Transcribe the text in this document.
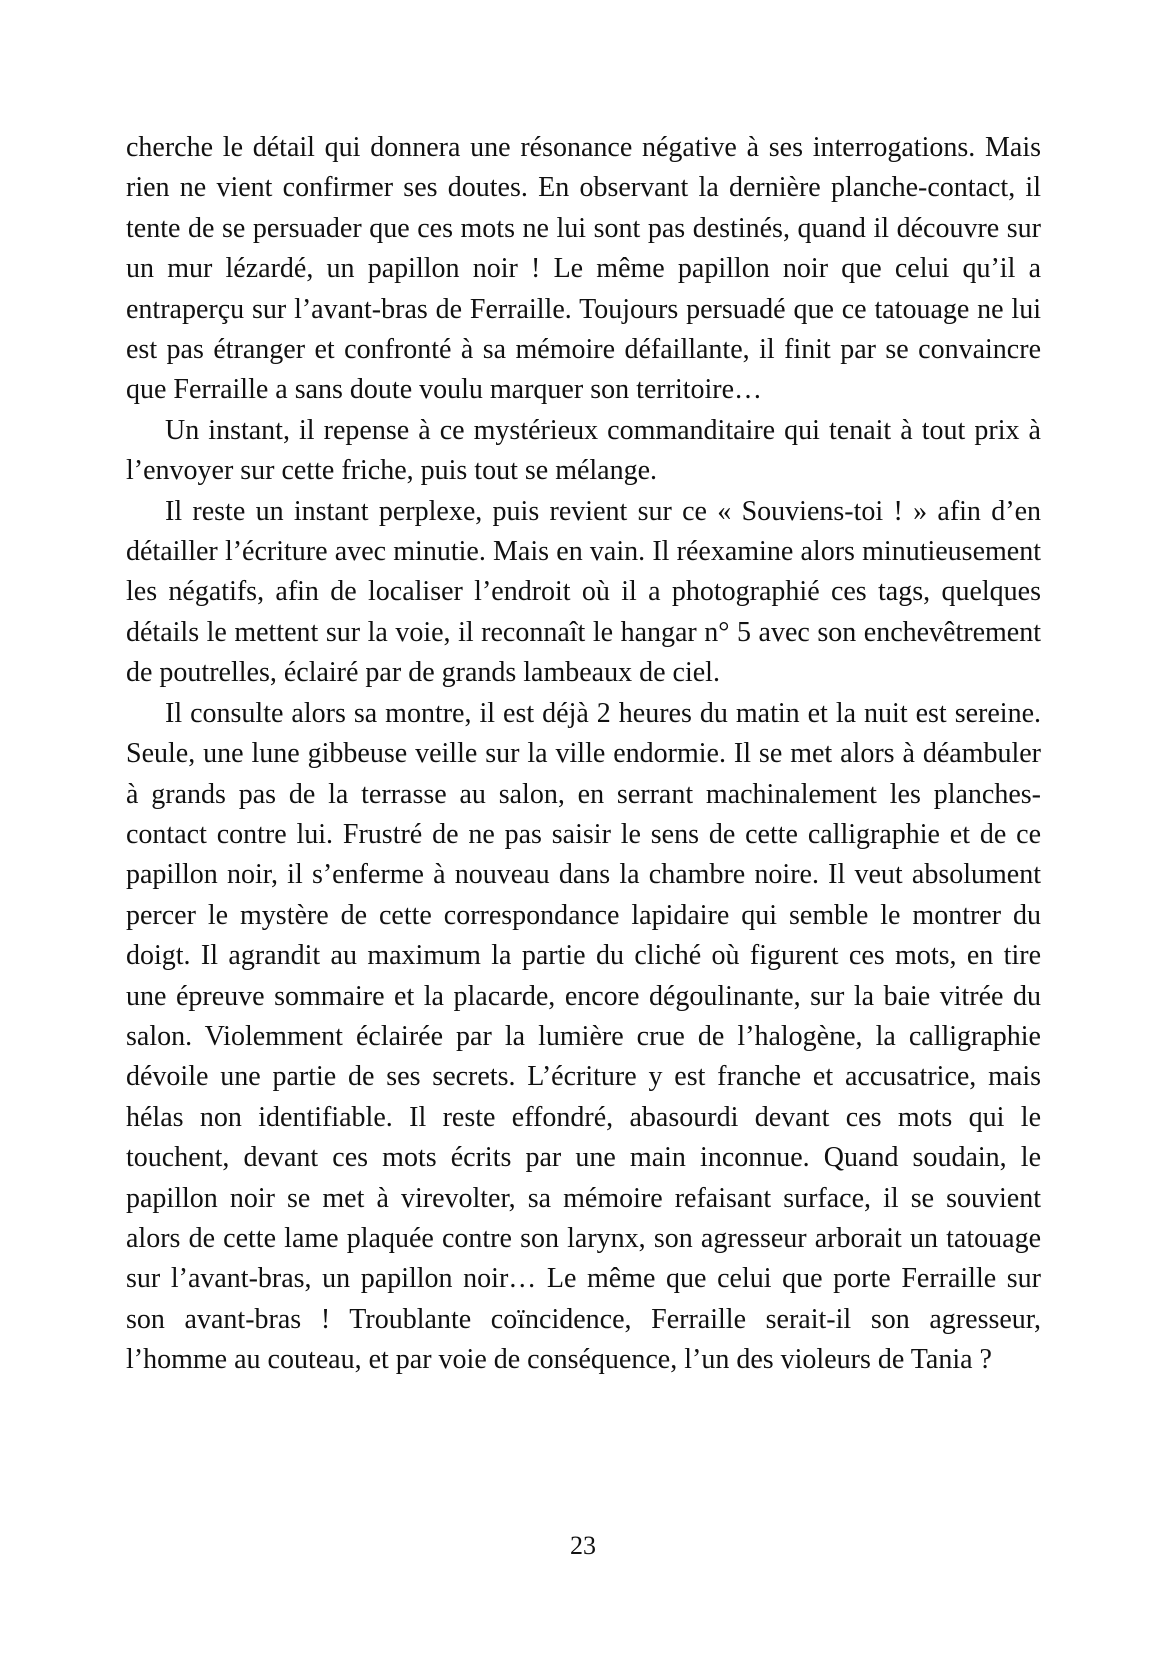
cherche le détail qui donnera une résonance négative à ses interrogations. Mais rien ne vient confirmer ses doutes. En observant la dernière planche-contact, il tente de se persuader que ces mots ne lui sont pas destinés, quand il découvre sur un mur lézardé, un papillon noir ! Le même papillon noir que celui qu’il a entraperçu sur l’avant-bras de Ferraille. Toujours persuadé que ce tatouage ne lui est pas étranger et confronté à sa mémoire défaillante, il finit par se convaincre que Ferraille a sans doute voulu marquer son territoire…

Un instant, il repense à ce mystérieux commanditaire qui tenait à tout prix à l’envoyer sur cette friche, puis tout se mélange.

Il reste un instant perplexe, puis revient sur ce « Souviens-toi ! » afin d’en détailler l’écriture avec minutie. Mais en vain. Il réexamine alors minutieusement les négatifs, afin de localiser l’endroit où il a photographié ces tags, quelques détails le mettent sur la voie, il reconnaît le hangar n° 5 avec son enchevêtrement de poutrelles, éclairé par de grands lambeaux de ciel.

Il consulte alors sa montre, il est déjà 2 heures du matin et la nuit est sereine. Seule, une lune gibbeuse veille sur la ville endormie. Il se met alors à déambuler à grands pas de la terrasse au salon, en serrant machinalement les planches-contact contre lui. Frustré de ne pas saisir le sens de cette calligraphie et de ce papillon noir, il s’enferme à nouveau dans la chambre noire. Il veut absolument percer le mystère de cette correspondance lapidaire qui semble le montrer du doigt. Il agrandit au maximum la partie du cliché où figurent ces mots, en tire une épreuve sommaire et la placarde, encore dégoulinante, sur la baie vitrée du salon. Violemment éclairée par la lumière crue de l’halogène, la calligraphie dévoile une partie de ses secrets. L’écriture y est franche et accusatrice, mais hélas non identifiable. Il reste effondré, abasourdi devant ces mots qui le touchent, devant ces mots écrits par une main inconnue. Quand soudain, le papillon noir se met à virevolter, sa mémoire refaisant surface, il se souvient alors de cette lame plaquée contre son larynx, son agresseur arborait un tatouage sur l’avant-bras, un papillon noir… Le même que celui que porte Ferraille sur son avant-bras ! Troublante coïncidence, Ferraille serait-il son agresseur, l’homme au couteau, et par voie de conséquence, l’un des violeurs de Tania ?

23
